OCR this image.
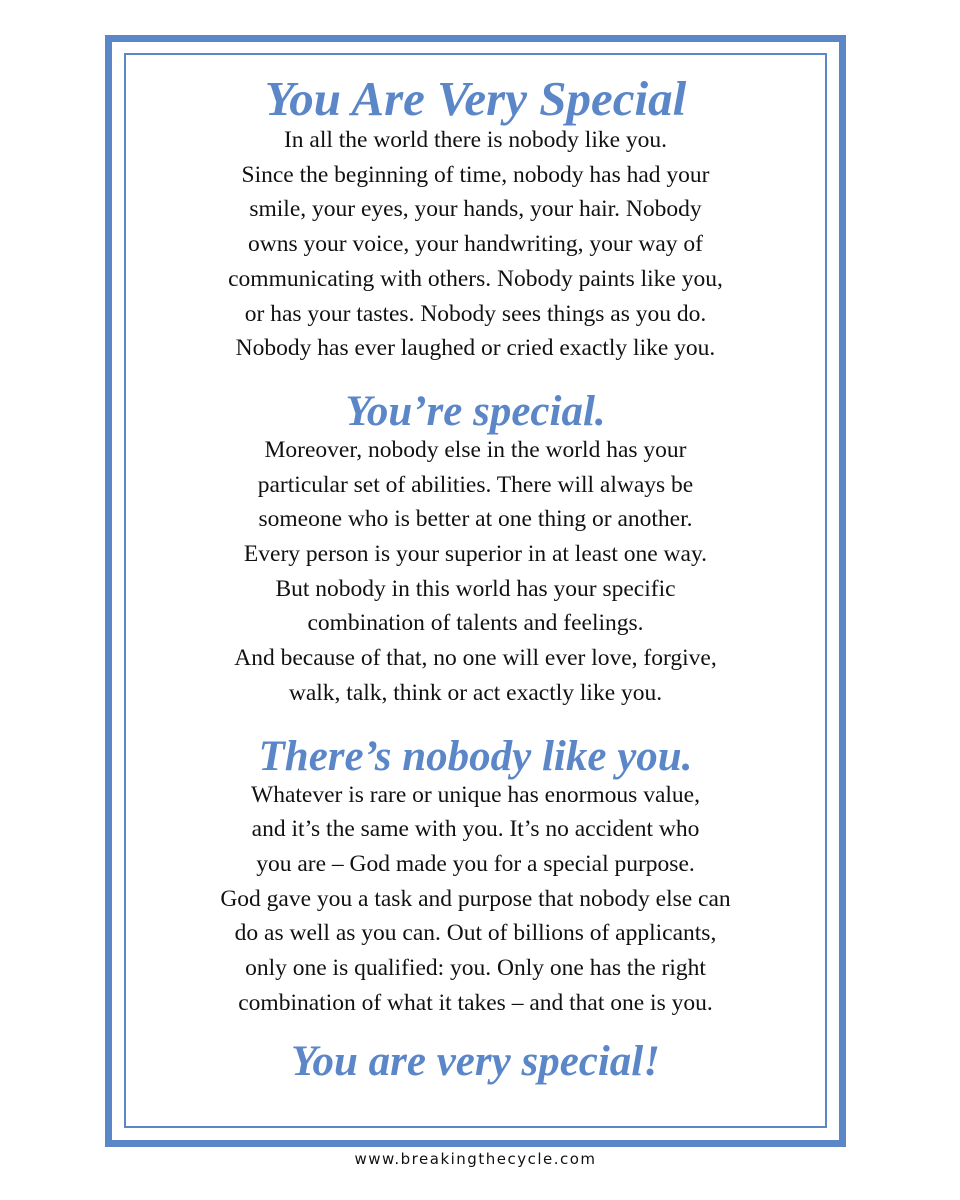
You Are Very Special

In all the world there is nobody like you.
Since the beginning of time, nobody has had your
smile, your eyes, your hands, your hair. Nobody
owns your voice, your handwriting, your way of
communicating with others. Nobody paints like you,
or has your tastes. Nobody sees things as you do.
Nobody has ever laughed or cried exactly like you.

You’re special.

Moreover, nobody else in the world has your
particular set of abilities. There will always be
someone who is better at one thing or another.
Every person is your superior in at least one way.
But nobody in this world has your specific
combination of talents and feelings.
And because of that, no one will ever love, forgive,
walk, talk, think or act exactly like you.

There’s nobody like you.

Whatever is rare or unique has enormous value,
and it’s the same with you. It’s no accident who
you are – God made you for a special purpose.
God gave you a task and purpose that nobody else can
do as well as you can. Out of billions of applicants,
only one is qualified: you. Only one has the right
combination of what it takes – and that one is you.

You are very special!
www.breakingthecycle.com
